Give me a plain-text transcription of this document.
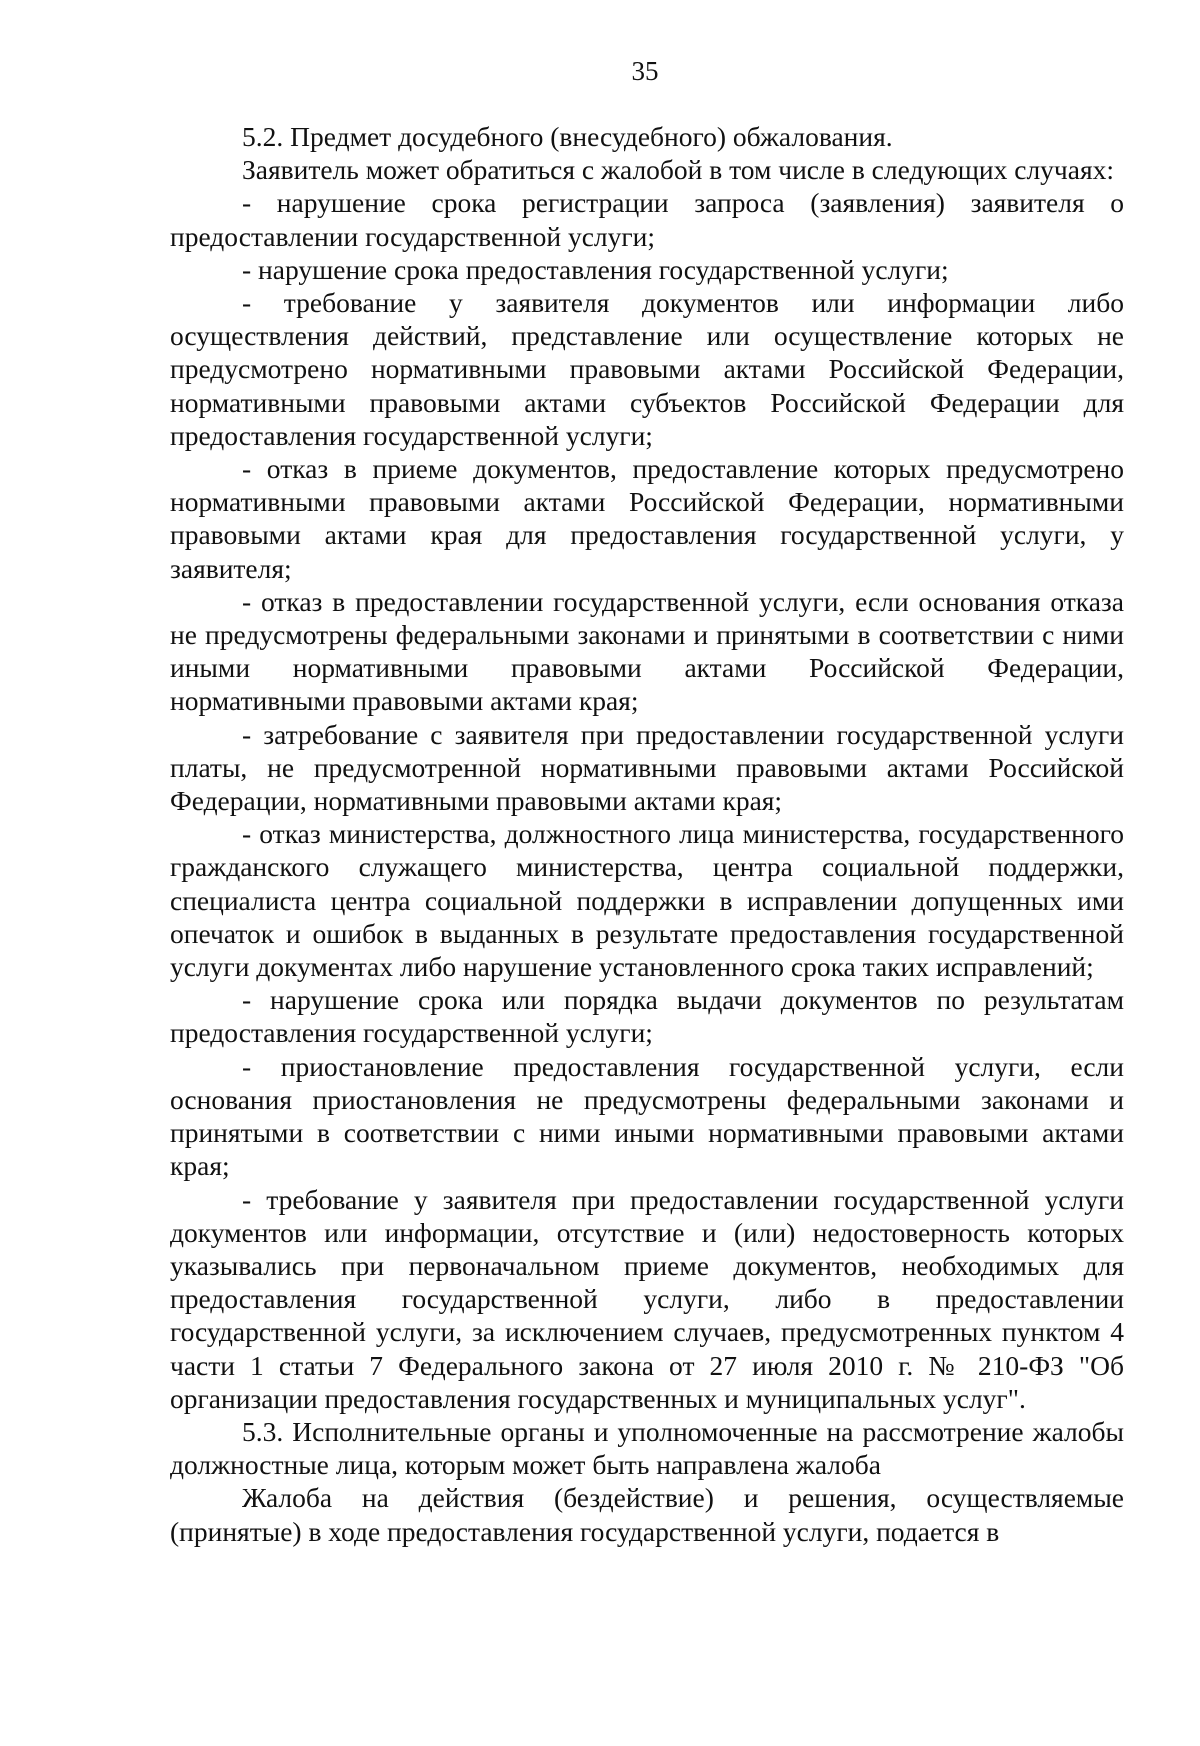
35

5.2. Предмет досудебного (внесудебного) обжалования.

Заявитель может обратиться с жалобой в том числе в следующих случаях:

- нарушение срока регистрации запроса (заявления) заявителя о предоставлении государственной услуги;

- нарушение срока предоставления государственной услуги;

- требование у заявителя документов или информации либо осуществления действий, представление или осуществление которых не предусмотрено нормативными правовыми актами Российской Федерации, нормативными правовыми актами субъектов Российской Федерации для предоставления государственной услуги;

- отказ в приеме документов, предоставление которых предусмотрено нормативными правовыми актами Российской Федерации, нормативными правовыми актами края для предоставления государственной услуги, у заявителя;

- отказ в предоставлении государственной услуги, если основания отказа не предусмотрены федеральными законами и принятыми в соответствии с ними иными нормативными правовыми актами Российской Федерации, нормативными правовыми актами края;

- затребование с заявителя при предоставлении государственной услуги платы, не предусмотренной нормативными правовыми актами Российской Федерации, нормативными правовыми актами края;

- отказ министерства, должностного лица министерства, государственного гражданского служащего министерства, центра социальной поддержки, специалиста центра социальной поддержки в исправлении допущенных ими опечаток и ошибок в выданных в результате предоставления государственной услуги документах либо нарушение установленного срока таких исправлений;

- нарушение срока или порядка выдачи документов по результатам предоставления государственной услуги;

- приостановление предоставления государственной услуги, если основания приостановления не предусмотрены федеральными законами и принятыми в соответствии с ними иными нормативными правовыми актами края;

- требование у заявителя при предоставлении государственной услуги документов или информации, отсутствие и (или) недостоверность которых указывались при первоначальном приеме документов, необходимых для предоставления государственной услуги, либо в предоставлении государственной услуги, за исключением случаев, предусмотренных пунктом 4 части 1 статьи 7 Федерального закона от 27 июля 2010 г. № 210-ФЗ "Об организации предоставления государственных и муниципальных услуг".

5.3. Исполнительные органы и уполномоченные на рассмотрение жалобы должностные лица, которым может быть направлена жалоба

Жалоба на действия (бездействие) и решения, осуществляемые (принятые) в ходе предоставления государственной услуги, подается в
